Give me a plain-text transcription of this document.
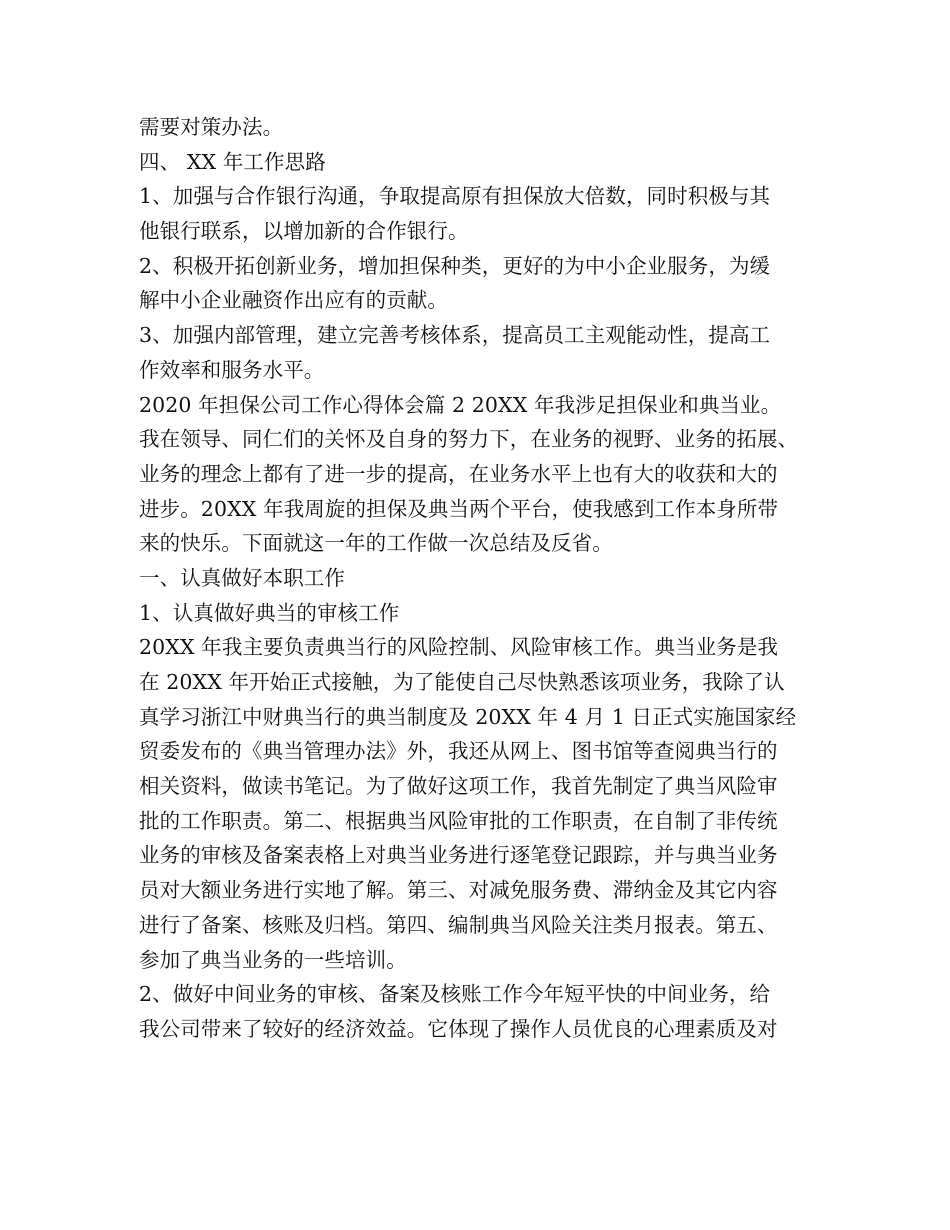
需要对策办法。
四、 XX 年工作思路
1、加强与合作银行沟通，争取提高原有担保放大倍数，同时积极与其
他银行联系，以增加新的合作银行。
2、积极开拓创新业务，增加担保种类，更好的为中小企业服务，为缓
解中小企业融资作出应有的贡献。
3、加强内部管理，建立完善考核体系，提高员工主观能动性，提高工
作效率和服务水平。
2020 年担保公司工作心得体会篇 2 20XX 年我涉足担保业和典当业。
我在领导、同仁们的关怀及自身的努力下，在业务的视野、业务的拓展、
业务的理念上都有了进一步的提高，在业务水平上也有大的收获和大的
进步。20XX 年我周旋的担保及典当两个平台，使我感到工作本身所带
来的快乐。下面就这一年的工作做一次总结及反省。
一、认真做好本职工作
1、认真做好典当的审核工作
20XX 年我主要负责典当行的风险控制、风险审核工作。典当业务是我
在 20XX 年开始正式接触，为了能使自己尽快熟悉该项业务，我除了认
真学习浙江中财典当行的典当制度及 20XX 年 4 月 1 日正式实施国家经
贸委发布的《典当管理办法》外，我还从网上、图书馆等查阅典当行的
相关资料，做读书笔记。为了做好这项工作，我首先制定了典当风险审
批的工作职责。第二、根据典当风险审批的工作职责，在自制了非传统
业务的审核及备案表格上对典当业务进行逐笔登记跟踪，并与典当业务
员对大额业务进行实地了解。第三、对减免服务费、滞纳金及其它内容
进行了备案、核账及归档。第四、编制典当风险关注类月报表。第五、
参加了典当业务的一些培训。
2、做好中间业务的审核、备案及核账工作今年短平快的中间业务，给
我公司带来了较好的经济效益。它体现了操作人员优良的心理素质及对
